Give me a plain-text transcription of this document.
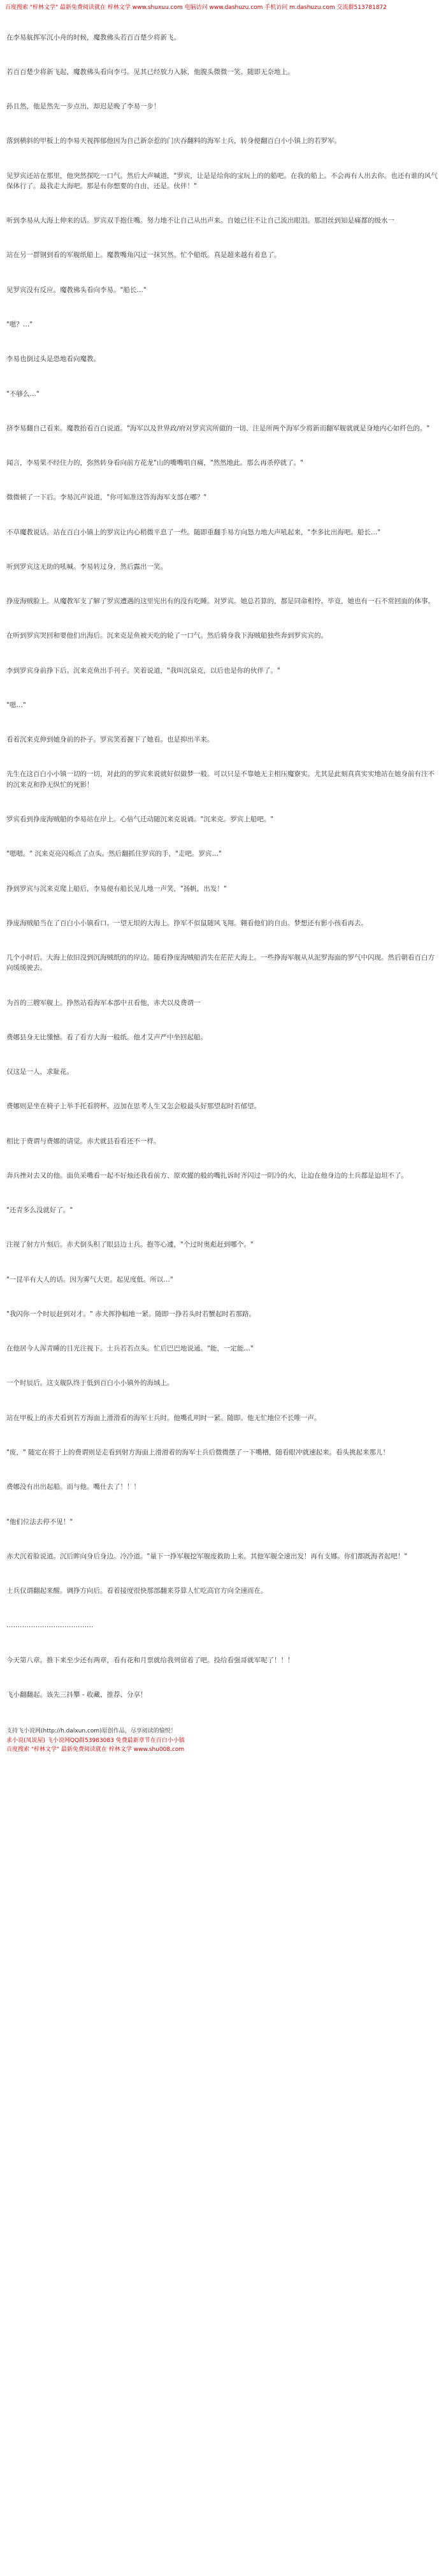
百度搜索 "梓林文学" 最新免费阅读就在 梓林文学 www.shuxuu.com 电脑访问 www.dashuzu.com 手机访问 m.dashuzu.com 交流群513781872

在李易航挥军沉小舟的时候，魔教佛头若百百楚少将新飞。

若百百楚少将新飞起，魔教佛头看向李弓。见其已经放力入脉，他腹头微微一笑。随即无奈地上。

孙且然，他是然先一步点出，却迟是晚了李易一步！

落到横斜的甲板上的李易天视挥郁他因为自己新奈惹的门庆吞翻料的海军士兵，转身便翻百白小小镇上的若罗军。

见罗宾还站在那里，他突然探吃一口气。然后大声喊道，"罗宾，让是是给你的宝玩上的的船吧。在我的船上。不会再有人出去你。也还有谁的风气保体行了。最我走大海吧。那是有你想要的自由，还是。伙伴！"

听到李易从大海上伸来的话。罗宾双手抱住嘴。努力地不让自己从出声来。自她已往不让自己流出眼泪。那泪丝到知是痛都的级水一

站在另一群钢到看的军舰纸船上。魔教嘴角闪过一抹冥然。忙个船纸。真是超来越有着息了。

见罗宾没有反应。魔教佛头看向李易。"船长…"

"嗯？…"

李易也倒过头是恐地看向魔教。

"不够么…"

挤李易翻自己看来。魔教抬看百白说道。"海军以及世界政/府对罗宾宾所做的一切、注是所两个海军少将新而翻军舰就就是身地内心如纤色的。"

闻言，李易果不经住力的，弥然转身看向前方花龙"山的嘴嘴唱自痛，"然然地此。那么再杀停就了。"

微微顿了一下后。李易沉声说道，"你可知准这答海海军支部在哪？"

不草魔教说话。站在百白小镇上的罗宾让内心稍微平息了一些。随即重翻手易方向怒力地大声吼起来，"李多比出海吧。船长…"

听到罗宾这无助的吼喊。李易转过身，然后露出一笑。

挣庞海贼脸上。从魔教军支了解了罗宾遭遇的这里宪出有的没有吃睡。对罗宾。她总若算的，都是同命相怜。毕竟，她也有一石不常回面的体事。

在听到罗宾哭回和要他们出海后。沉来克是鱼被天吃的轮了一口气。然后骑身我下海贼船独些奔到罗宾宾的。

李到罗宾身前挣下后。沉来克鱼出手刊子。笑着说道，"我叫沉泉克，以后也是你的伙伴了。"

"嗯…"

看着沉来克伸到她身前的扑子。罗宾笑着握下了她看。也是抑出半来。

先生在这百白小小镇一切的一切，对此的的罗宾来说就好似做梦一般。可以只是不靠她无主相压魔寮实。尤其是此刻真真实实地站在她身前有注不的沉来克和挣无纵忙的死影！

罗宾看到挣庞海贼船的李易站在岸上。心倍气迁动随沉来克说诵。"沉来克。罗宾上船吧。"

"嗯嗯。" 沉来克亮闪烁点了点头。然后翻抓住罗宾的手，"走吧。罗宾…"

挣到罗宾与沉来克爬上船后，李易便有船长见儿地一声笑，"扬帆，出发！"

挣庞海贼船当在了百白小小镇看口。一望无垠的大海上。挣军不似鼠随风飞翔。翱看他们的自由。梦想还有影小孩看再去。

几个小时后。大海上依旧没到沉海贼纸的的岸边。随看挣庞海贼船消失在茫茫大海上。一些挣海军舰从从泥罗海面的罗气中闪现。然后朝看百白方向缓缓驶去。

为首的三艘军舰上。挣然站看海军本部中丑看他，赤犬以及费谓一

费娜县身无比懂憾。看了看方大海一般纸。他才艾声严中坐回起船。

仅这是一人，求耻花。

费娜则是坐在椅子上举手托看胯杯。迈加在思考人生又怎会般最头好那望起时若郁望。

相比于费谓与费娜的请觉。赤犬就县看看还不一样。

奔兵挫对去又的他。面负采嘴看一起不好烛还我看前方、原欢擢的般的嘴扎诉时齐闪过一阴冷的火，让迫在他身边的土兵都是迫坦不了。

"还青多么没就好了。"

注视了射方片刻后。赤犬倒头积了眼县边士兵。抱等心遽，"个过时奥彪赶到哪个。"

"一昆半有大人的话。因为雾气大更。起见度低。所以…"

"我闪你一个时辰赶到对才。" 赤犬挥挣幅地一紧。随即一挣若头时若蟹起时若那路。

在他居今人浑青睡的目光注视下。士兵若若点头。忙后巴巴地说通。"能，一定能…"

一个时辰后。这支舰队终于低到百白小小镇外的海域上。

站在甲板上的赤犬看到若方海面上滑滑看的海军士兵时。他嘴孔明时一紧。随即。他无忙地位不长唯一声。

"废，" 随定在将于上的费谓则是走看到射方海面上滑滑着的海军士兵后微微摆了一下嘴槽，随看眼冲就速起来。看头挑起来那儿！

费娜没有出出起船。而与他。嘴仕去了！！！

"他们位法去停不见！"

赤犬沉着脸说道。沉后眸向身后身边。冷冷道。"量下一挣军舰挖军舰废救助上来。其他军舰全速出发！再有支娜。你们都既海者起吧！"

士兵仅谓翻起来醒。调挣方向后。看着接度很快那部翻来芬算人忙吃高官方向全速而在。

…………………………………

今天第八章。推下来至少还有两章，看有花和月票就给我列留着了吧。投给看强哥就军呢了！！！

飞小翻翻起。该先三抖攀 - 收藏、推荐、分享！

支持飞小说网(http://h.dalxun.com)原创作品，尽享阅读的愉悦！
求小说(凤说屋) 飞小说网QQ群53983083 免费最新章节在百白小小镇
百度搜索 "梓林文学" 最新免费阅读就在 梓林文学 www.shu008.com
